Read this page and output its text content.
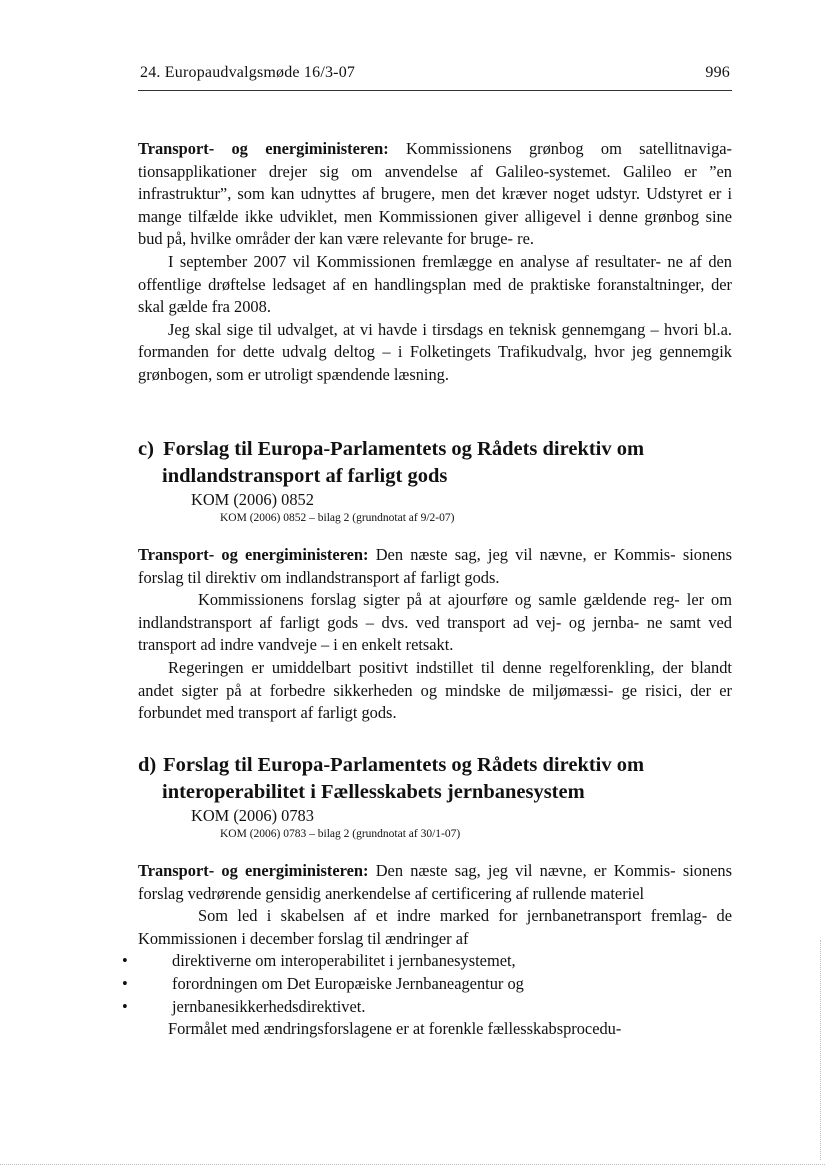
24. Europaudvalgsmøde 16/3-07	996

Transport- og energiministeren: Kommissionens grønbog om satellitnaviga- tionsapplikationer drejer sig om anvendelse af Galileo-systemet. Galileo er ”en infrastruktur”, som kan udnyttes af brugere, men det kræver noget udstyr. Udstyret er i mange tilfælde ikke udviklet, men Kommissionen giver alligevel i denne grønbog sine bud på, hvilke områder der kan være relevante for bruge- re.

I september 2007 vil Kommissionen fremlægge en analyse af resultater- ne af den offentlige drøftelse ledsaget af en handlingsplan med de praktiske foranstaltninger, der skal gælde fra 2008.

Jeg skal sige til udvalget, at vi havde i tirsdags en teknisk gennemgang – hvori bl.a. formanden for dette udvalg deltog – i Folketingets Trafikudvalg, hvor jeg gennemgik grønbogen, som er utroligt spændende læsning.

c) Forslag til Europa-Parlamentets og Rådets direktiv om
indlandstransport af farligt gods
KOM (2006) 0852
KOM (2006) 0852 – bilag 2 (grundnotat af 9/2-07)

Transport- og energiministeren: Den næste sag, jeg vil nævne, er Kommis- sionens forslag til direktiv om indlandstransport af farligt gods.

Kommissionens forslag sigter på at ajourføre og samle gældende reg- ler om indlandstransport af farligt gods – dvs. ved transport ad vej- og jernba- ne samt ved transport ad indre vandveje – i en enkelt retsakt.

Regeringen er umiddelbart positivt indstillet til denne regelforenkling, der blandt andet sigter på at forbedre sikkerheden og mindske de miljømæssi- ge risici, der er forbundet med transport af farligt gods.

d) Forslag til Europa-Parlamentets og Rådets direktiv om
interoperabilitet i Fællesskabets jernbanesystem
KOM (2006) 0783
KOM (2006) 0783 – bilag 2 (grundnotat af 30/1-07)

Transport- og energiministeren: Den næste sag, jeg vil nævne, er Kommis- sionens forslag vedrørende gensidig anerkendelse af certificering af rullende materiel

Som led i skabelsen af et indre marked for jernbanetransport fremlag- de Kommissionen i december forslag til ændringer af

•	direktiverne om interoperabilitet i jernbanesystemet,
•	forordningen om Det Europæiske Jernbaneagentur og
•	jernbanesikkerhedsdirektivet.

Formålet med ændringsforslagene er at forenkle fællesskabsprocedu-
